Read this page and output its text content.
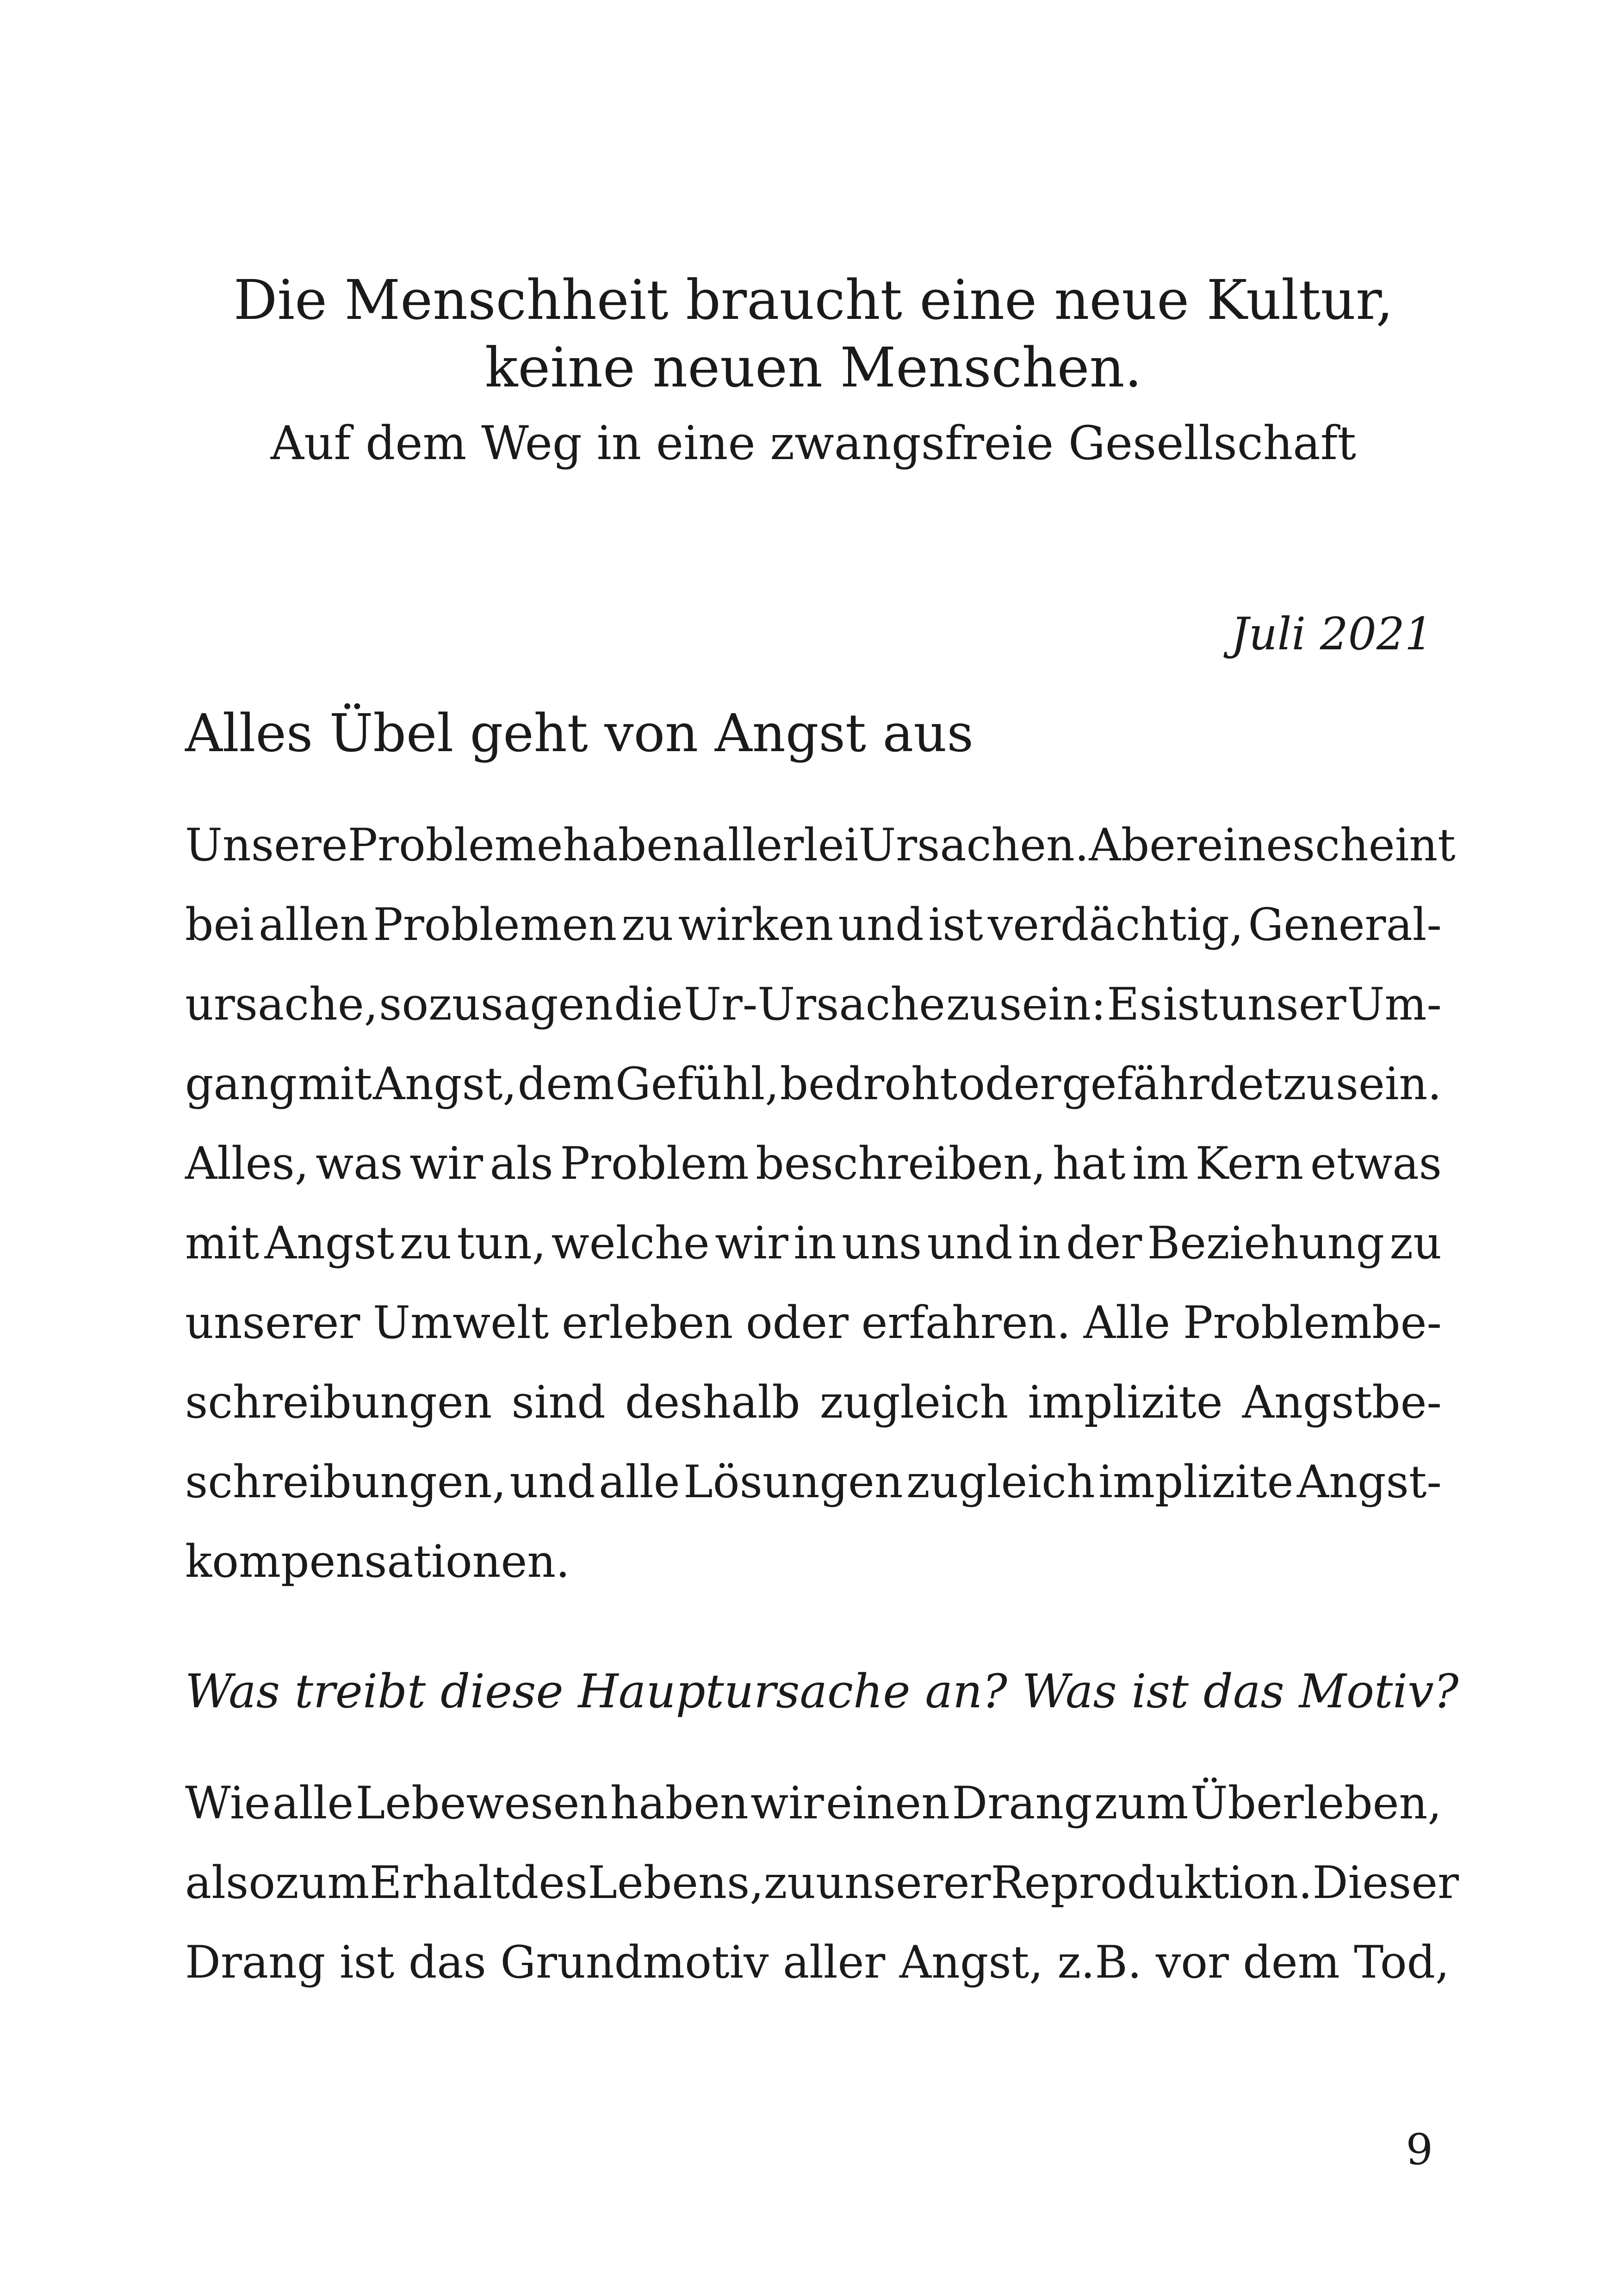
Die Menschheit braucht eine neue Kultur,
keine neuen Menschen.

Auf dem Weg in eine zwangsfreie Gesellschaft

Juli 2021
Alles Übel geht von Angst aus
Unsere Probleme haben allerlei Ursachen. Aber eine scheint
bei allen Problemen zu wirken und ist verdächtig, General-
ursache, sozusagen die Ur-Ursache zu sein: Es ist unser Um-
gang mit Angst, dem Gefühl, bedroht oder gefährdet zu sein.
Alles, was wir als Problem beschreiben, hat im Kern etwas
mit Angst zu tun, welche wir in uns und in der Beziehung zu
unserer Umwelt erleben oder erfahren. Alle Problembe-
schreibungen sind deshalb zugleich implizite Angstbe-
schreibungen, und alle Lösungen zugleich implizite Angst-
kompensationen.

Was treibt diese Hauptursache an? Was ist das Motiv?

Wie alle Lebewesen haben wir einen Drang zum Überleben,
also zum Erhalt des Lebens, zu unserer Reproduktion. Dieser
Drang ist das Grundmotiv aller Angst, z.B. vor dem Tod,
9
